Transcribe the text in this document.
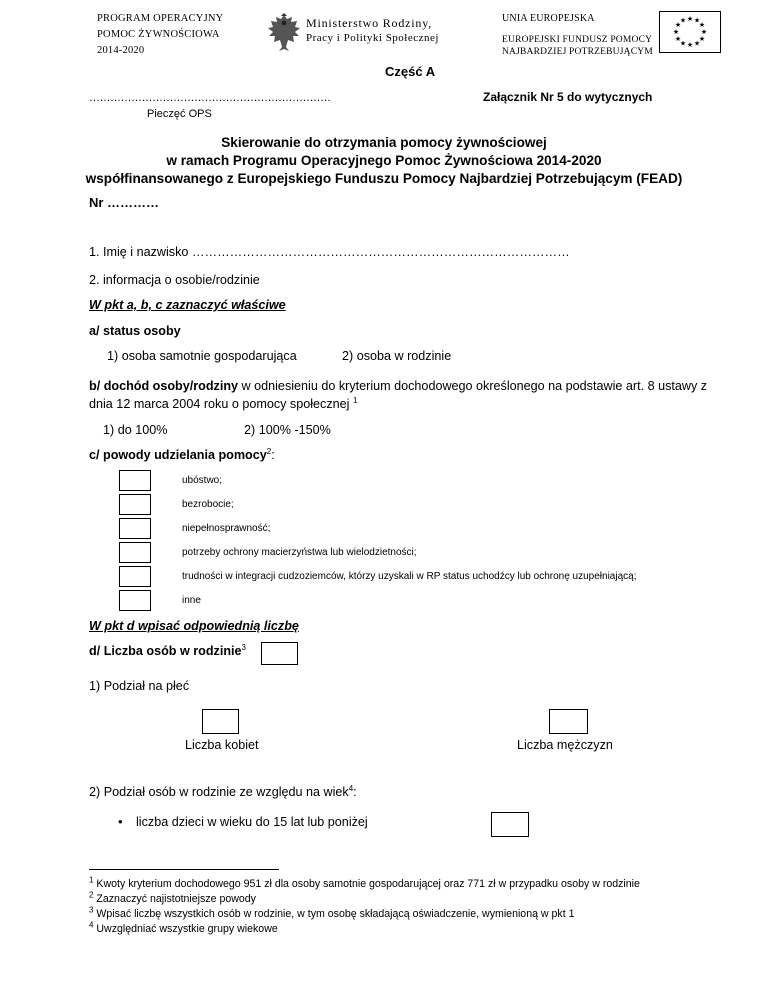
PROGRAM OPERACYJNY
POMOC ŻYWNOŚCIOWA
2014-2020
Ministerstwo Rodziny,
Pracy i Polityki Społecznej
UNIA EUROPEJSKA
EUROPEJSKI FUNDUSZ POMOCY
NAJBARDZIEJ POTRZEBUJĄCYM
★ ★
★
★
★
★
★
★
★
★
★
★
Część A
……………………………………………………………	Załącznik Nr 5 do wytycznych
Pieczęć OPS
Skierowanie do otrzymania pomocy żywnościowej
w ramach Programu Operacyjnego Pomoc Żywnościowa 2014-2020
współfinansowanego z Europejskiego Funduszu Pomocy Najbardziej Potrzebującym (FEAD)
Nr …………
1. Imię i nazwisko ………………………………………………………………………………
2. informacja o osobie/rodzinie
W pkt a, b, c zaznaczyć właściwe
a/ status osoby
1) osoba samotnie gospodarująca	2) osoba w rodzinie
b/ dochód osoby/rodziny w odniesieniu do kryterium dochodowego określonego na podstawie art. 8 ustawy z dnia 12 marca 2004 roku o pomocy społecznej $^1$
1) do 100%	2) 100% -150%
c/ powody udzielania pomocy$^2$:
ubóstwo;
bezrobocie;
niepełnosprawność;
potrzeby ochrony macierzyństwa lub wielodzietności;
trudności w integracji cudzoziemców, którzy uzyskali w RP status uchodźcy lub ochronę uzupełniającą;
inne
W pkt d wpisać odpowiednią liczbę
d/ Liczba osób w rodzinie$^3$
1) Podział na płeć
Liczba kobiet	Liczba mężczyzn
2) Podział osób w rodzinie ze względu na wiek$^4$:
• liczba dzieci w wieku do 15 lat lub poniżej
$^1$ Kwoty kryterium dochodowego 951 zł dla osoby samotnie gospodarującej oraz 771 zł w przypadku osoby w rodzinie
$^2$ Zaznaczyć najistotniejsze powody
$^3$ Wpisać liczbę wszystkich osób w rodzinie, w tym osobę składającą oświadczenie, wymienioną w pkt 1
$^4$ Uwzględniać wszystkie grupy wiekowe
